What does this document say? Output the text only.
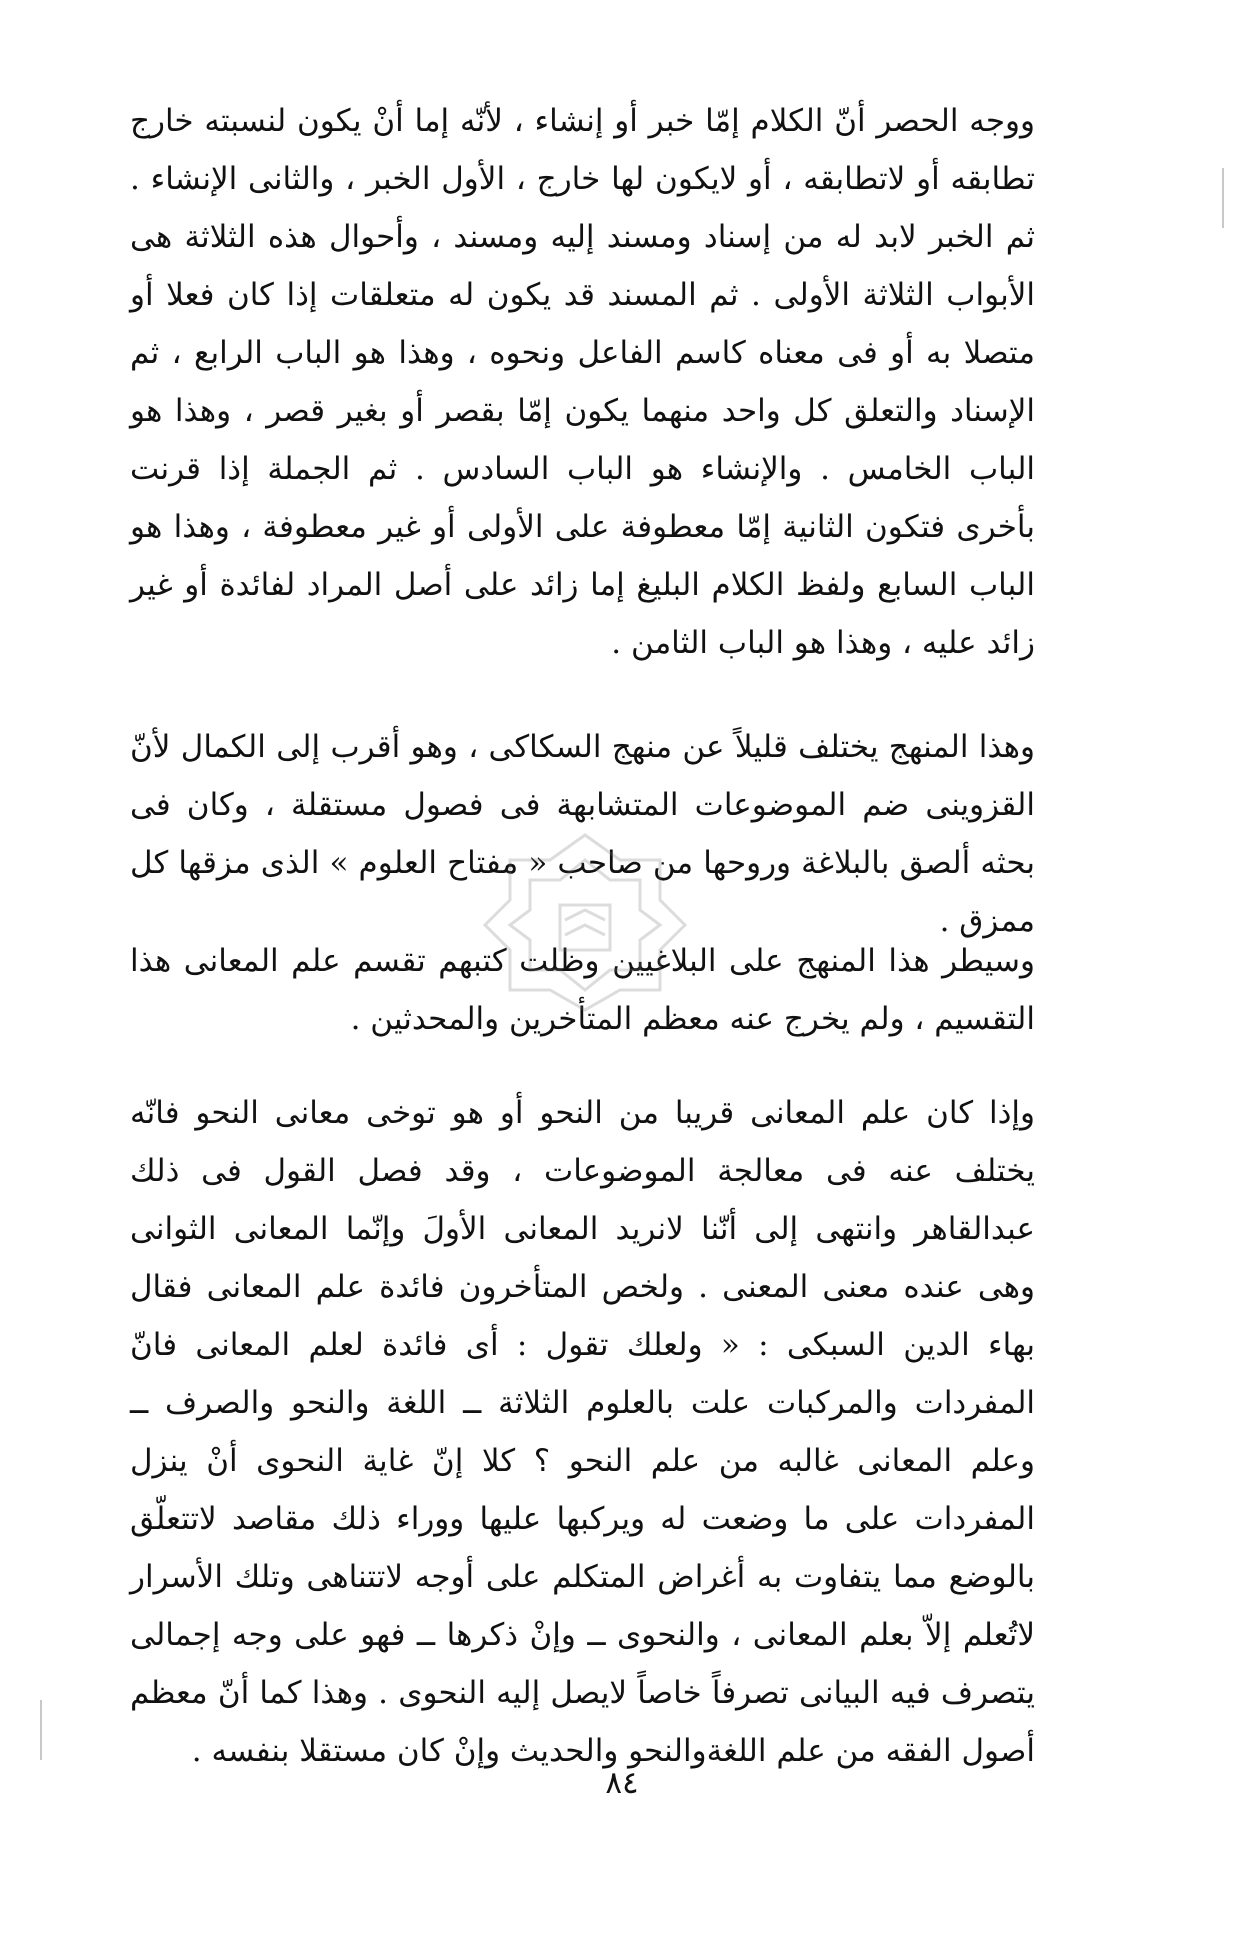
ووجه الحصر أنّ الكلام إمّا خبر أو إنشاء ، لأنّه إما أنْ يكون لنسبته خارج تطابقه أو لاتطابقه ، أو لايكون لها خارج ، الأول الخبر ، والثانى الإنشاء . ثم الخبر لابد له من إسناد ومسند إليه ومسند ، وأحوال هذه الثلاثة هى الأبواب الثلاثة الأولى . ثم المسند قد يكون له متعلقات إذا كان فعلا أو متصلا به أو فى معناه كاسم الفاعل ونحوه ، وهذا هو الباب الرابع ، ثم الإسناد والتعلق كل واحد منهما يكون إمّا بقصر أو بغير قصر ، وهذا هو الباب الخامس . والإنشاء هو الباب السادس . ثم الجملة إذا قرنت بأخرى فتكون الثانية إمّا معطوفة على الأولى أو غير معطوفة ، وهذا هو الباب السابع ولفظ الكلام البليغ إما زائد على أصل المراد لفائدة أو غير زائد عليه ، وهذا هو الباب الثامن .

وهذا المنهج يختلف قليلاً عن منهج السكاكى ، وهو أقرب إلى الكمال لأنّ القزوينى ضم الموضوعات المتشابهة فى فصول مستقلة ، وكان فى بحثه ألصق بالبلاغة وروحها من صاحب « مفتاح العلوم » الذى مزقها كل ممزق .

وسيطر هذا المنهج على البلاغيين وظلت كتبهم تقسم علم المعانى هذا التقسيم ، ولم يخرج عنه معظم المتأخرين والمحدثين .

وإذا كان علم المعانى قريبا من النحو أو هو توخى معانى النحو فانّه يختلف عنه فى معالجة الموضوعات ، وقد فصل القول فى ذلك عبدالقاهر وانتهى إلى أنّنا لانريد المعانى الأولَ وإنّما المعانى الثوانى وهى عنده معنى المعنى . ولخص المتأخرون فائدة علم المعانى فقال بهاء الدين السبكى : « ولعلك تقول : أى فائدة لعلم المعانى فانّ المفردات والمركبات علت بالعلوم الثلاثة ــ اللغة والنحو والصرف ــ وعلم المعانى غالبه من علم النحو ؟ كلا إنّ غاية النحوى أنْ ينزل المفردات على ما وضعت له ويركبها عليها ووراء ذلك مقاصد لاتتعلّق بالوضع مما يتفاوت به أغراض المتكلم على أوجه لاتتناهى وتلك الأسرار لاتُعلم إلاّ بعلم المعانى ، والنحوى ــ وإنْ ذكرها ــ فهو على وجه إجمالى يتصرف فيه البيانى تصرفاً خاصاً لايصل إليه النحوى . وهذا كما أنّ معظم أصول الفقه من علم اللغةوالنحو والحديث وإنْ كان مستقلا بنفسه .

٨٤
